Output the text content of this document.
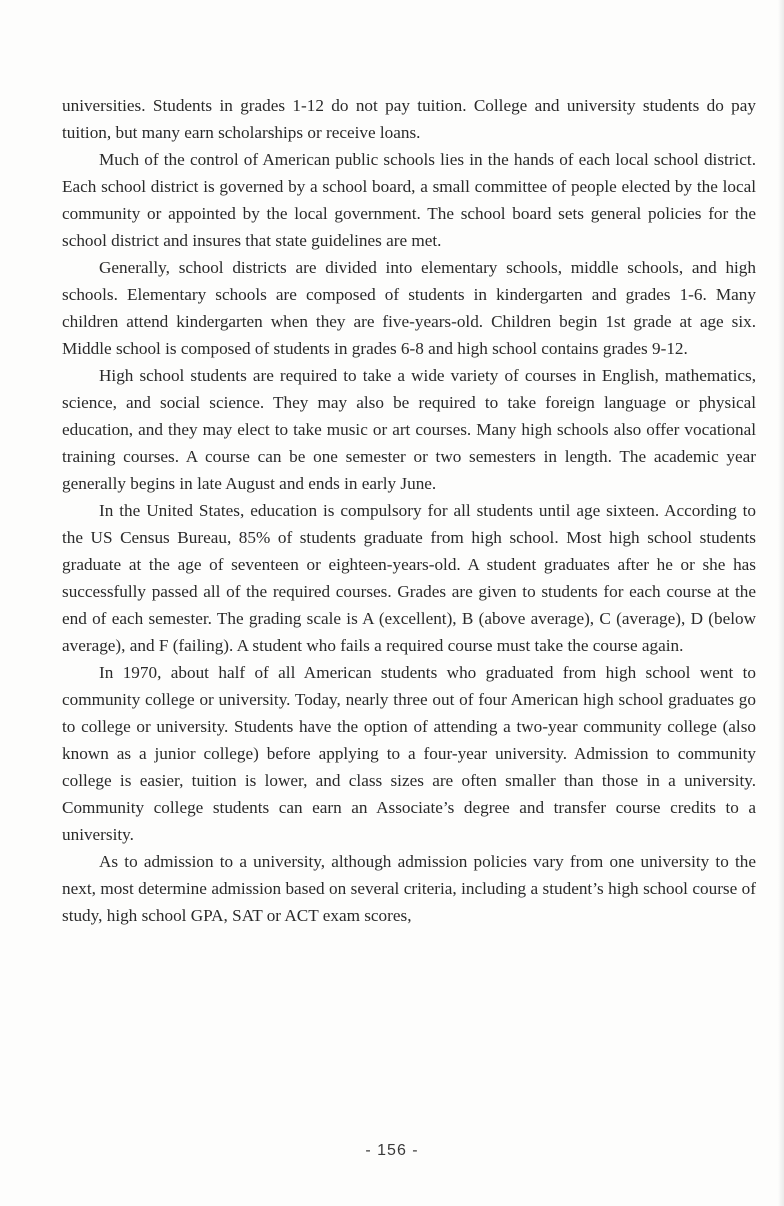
universities. Students in grades 1-12 do not pay tuition. College and university students do pay tuition, but many earn scholarships or receive loans.

Much of the control of American public schools lies in the hands of each local school district. Each school district is governed by a school board, a small committee of people elected by the local community or appointed by the local government. The school board sets general policies for the school district and insures that state guidelines are met.

Generally, school districts are divided into elementary schools, middle schools, and high schools. Elementary schools are composed of students in kindergarten and grades 1-6. Many children attend kindergarten when they are five-years-old. Children begin 1st grade at age six. Middle school is composed of students in grades 6-8 and high school contains grades 9-12.

High school students are required to take a wide variety of courses in English, mathematics, science, and social science. They may also be required to take foreign language or physical education, and they may elect to take music or art courses. Many high schools also offer vocational training courses. A course can be one semester or two semesters in length. The academic year generally begins in late August and ends in early June.

In the United States, education is compulsory for all students until age sixteen. According to the US Census Bureau, 85% of students graduate from high school. Most high school students graduate at the age of seventeen or eighteen-years-old. A student graduates after he or she has successfully passed all of the required courses. Grades are given to students for each course at the end of each semester. The grading scale is A (excellent), B (above average), C (average), D (below average), and F (failing). A student who fails a required course must take the course again.

In 1970, about half of all American students who graduated from high school went to community college or university. Today, nearly three out of four American high school graduates go to college or university. Students have the option of attending a two-year community college (also known as a junior college) before applying to a four-year university. Admission to community college is easier, tuition is lower, and class sizes are often smaller than those in a university. Community college students can earn an Associate’s degree and transfer course credits to a university.

As to admission to a university, although admission policies vary from one university to the next, most determine admission based on several criteria, including a student’s high school course of study, high school GPA, SAT or ACT exam scores,

- 156 -
